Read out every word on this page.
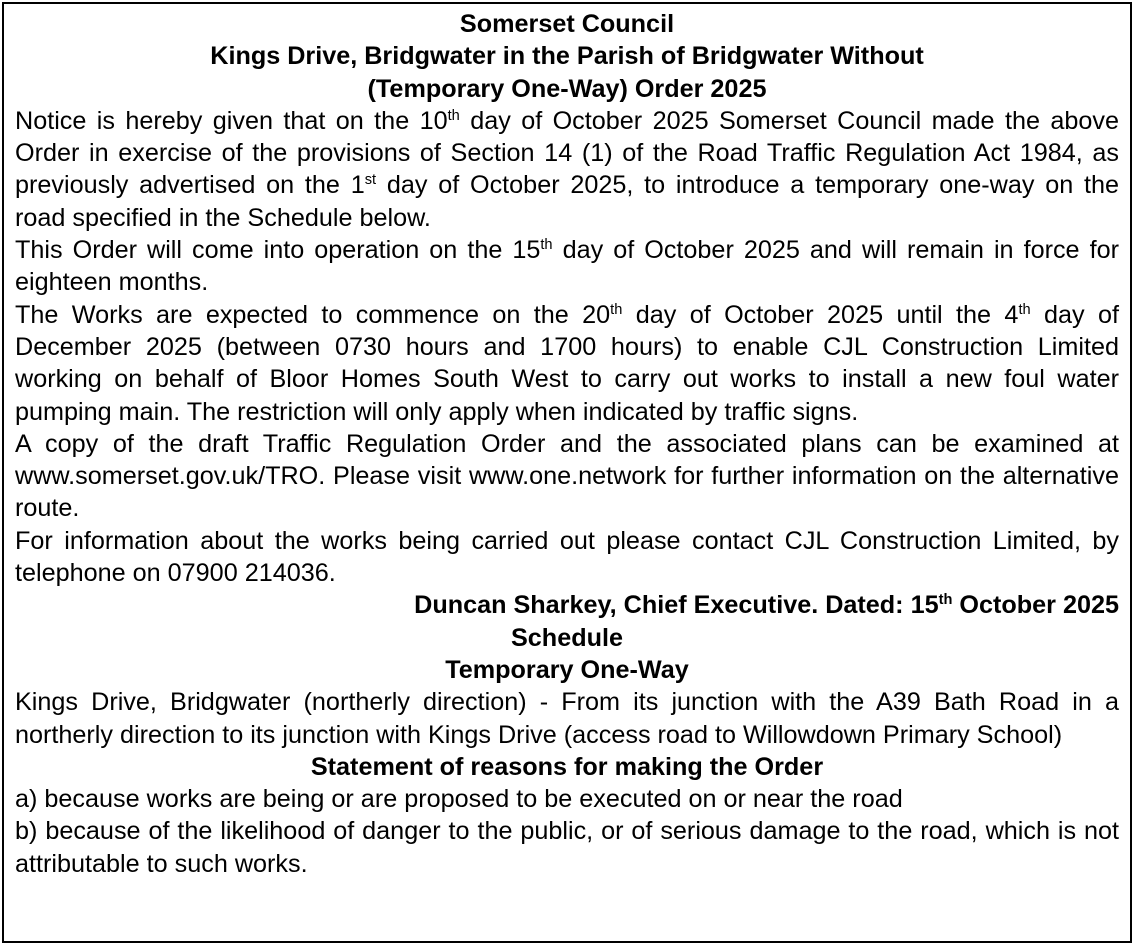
Somerset Council

Kings Drive, Bridgwater in the Parish of Bridgwater Without

(Temporary One-Way) Order 2025

Notice is hereby given that on the 10th day of October 2025 Somerset Council made the above Order in exercise of the provisions of Section 14 (1) of the Road Traffic Regulation Act 1984, as previously advertised on the 1st day of October 2025, to introduce a temporary one-way on the road specified in the Schedule below.

This Order will come into operation on the 15th day of October 2025 and will remain in force for eighteen months.

The Works are expected to commence on the 20th day of October 2025 until the 4th day of December 2025 (between 0730 hours and 1700 hours) to enable CJL Construction Limited working on behalf of Bloor Homes South West to carry out works to install a new foul water pumping main. The restriction will only apply when indicated by traffic signs.

A copy of the draft Traffic Regulation Order and the associated plans can be examined at www.somerset.gov.uk/TRO. Please visit www.one.network for further information on the alternative route.

For information about the works being carried out please contact CJL Construction Limited, by telephone on 07900 214036.

Duncan Sharkey, Chief Executive. Dated: 15th October 2025

Schedule

Temporary One-Way

Kings Drive, Bridgwater (northerly direction) - From its junction with the A39 Bath Road in a northerly direction to its junction with Kings Drive (access road to Willowdown Primary School)

Statement of reasons for making the Order

a) because works are being or are proposed to be executed on or near the road

b) because of the likelihood of danger to the public, or of serious damage to the road, which is not attributable to such works.
